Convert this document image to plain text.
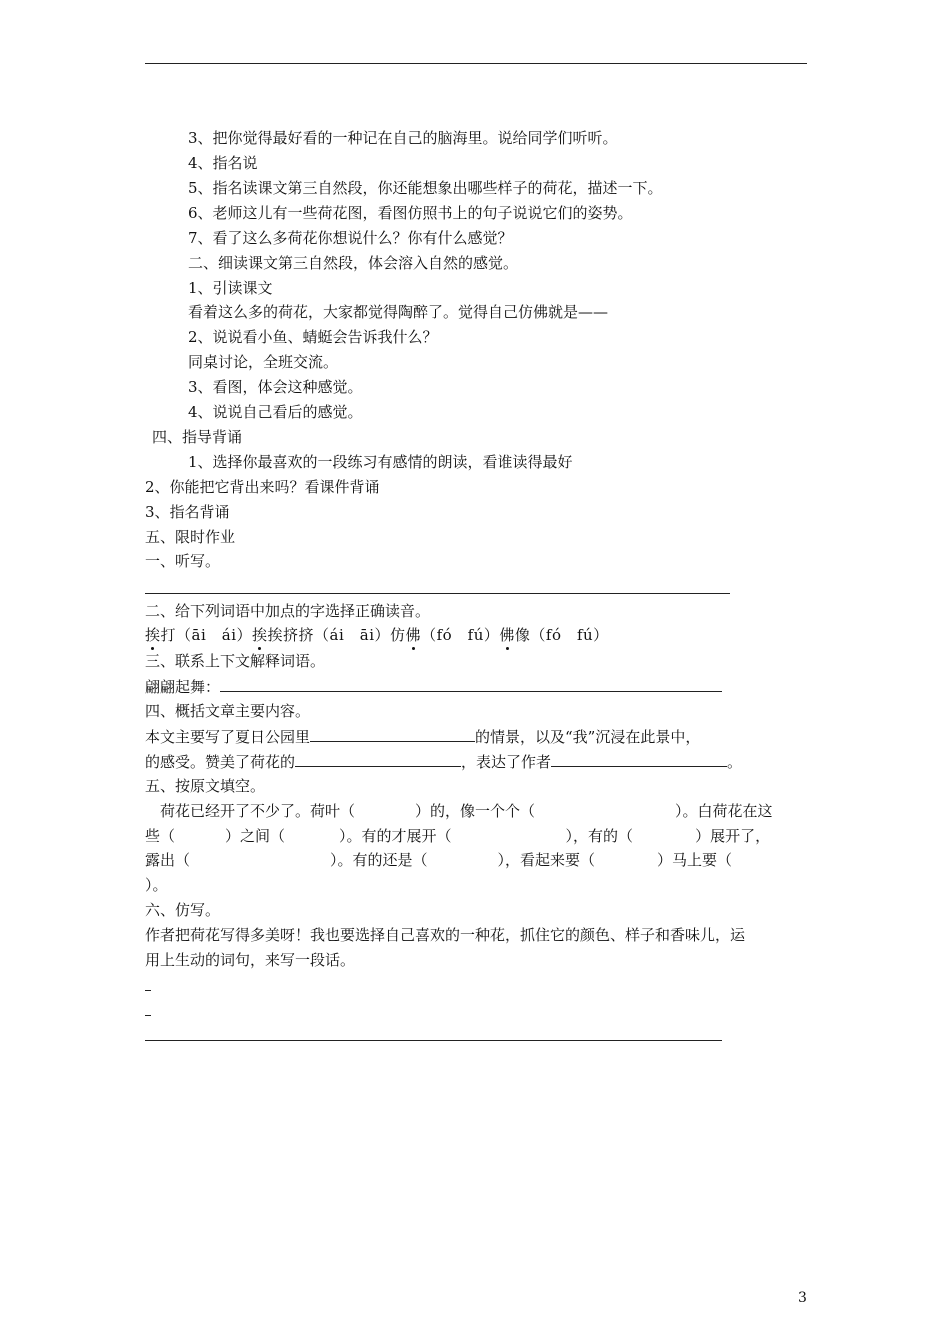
3、把你觉得最好看的一种记在自己的脑海里。说给同学们听听。
4、指名说
5、指名读课文第三自然段，你还能想象出哪些样子的荷花，描述一下。
6、老师这儿有一些荷花图，看图仿照书上的句子说说它们的姿势。
7、看了这么多荷花你想说什么？你有什么感觉？
二、细读课文第三自然段，体会溶入自然的感觉。
1、引读课文
看着这么多的荷花，大家都觉得陶醉了。觉得自己仿佛就是——
2、说说看小鱼、蜻蜓会告诉我什么？
同桌讨论，全班交流。
3、看图，体会这种感觉。
4、说说自己看后的感觉。
四、指导背诵
1、选择你最喜欢的一段练习有感情的朗读，看谁读得最好
2、你能把它背出来吗？看课件背诵
3、指名背诵
五、限时作业
一、听写。
二、给下列词语中加点的字选择正确读音。
挨打（āi　ái）挨挨挤挤（ái　āi）仿佛（fó　fú）佛像（fó　fú）
三、联系上下文解释词语。
翩翩起舞：
四、概括文章主要内容。
本文主要写了夏日公园里	的情景，以及“我”沉浸在此景中，
的感受。赞美了荷花的	，表达了作者	。
五、按原文填空。
荷花已经开了不少了。荷叶（	）的，像一个个（	）。白荷花在这
些（	）之间（	）。有的才展开（	），有的（	）展开了，
露出（	）。有的还是（	），看起来要（	）马上要（
）。
六、仿写。
作者把荷花写得多美呀！我也要选择自己喜欢的一种花，抓住它的颜色、样子和香味儿，运
用上生动的词句，来写一段话。
3
